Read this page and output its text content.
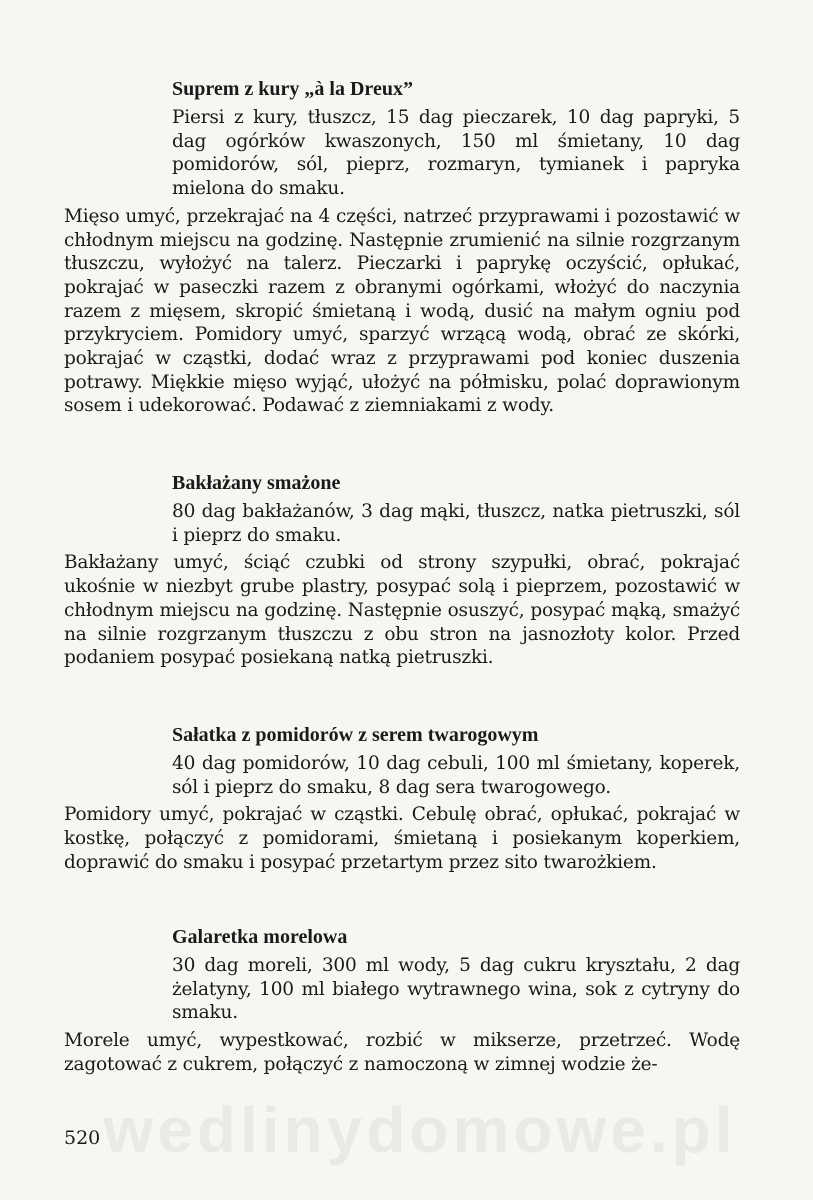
Suprem z kury „à la Dreux”

Piersi z kury, tłuszcz, 15 dag pieczarek, 10 dag papryki, 5 dag ogórków kwaszonych, 150 ml śmietany, 10 dag pomidorów, sól, pieprz, rozmaryn, tymianek i papryka mielona do smaku.

Mięso umyć, przekrajać na 4 części, natrzeć przyprawami i pozostawić w chłodnym miejscu na godzinę. Następnie zrumienić na silnie rozgrzanym tłuszczu, wyłożyć na talerz. Pieczarki i paprykę oczyścić, opłukać, pokrajać w paseczki razem z obranymi ogórkami, włożyć do naczynia razem z mięsem, skropić śmietaną i wodą, dusić na małym ogniu pod przykryciem. Pomidory umyć, sparzyć wrzącą wodą, obrać ze skórki, pokrajać w cząstki, dodać wraz z przyprawami pod koniec duszenia potrawy. Miękkie mięso wyjąć, ułożyć na półmisku, polać doprawionym sosem i udekorować. Podawać z ziemniakami z wody.

Bakłażany smażone

80 dag bakłażanów, 3 dag mąki, tłuszcz, natka pietruszki, sól i pieprz do smaku.

Bakłażany umyć, ściąć czubki od strony szypułki, obrać, pokrajać ukośnie w niezbyt grube plastry, posypać solą i pieprzem, pozostawić w chłodnym miejscu na godzinę. Następnie osuszyć, posypać mąką, smażyć na silnie rozgrzanym tłuszczu z obu stron na jasnozłoty kolor. Przed podaniem posypać posiekaną natką pietruszki.

Sałatka z pomidorów z serem twarogowym

40 dag pomidorów, 10 dag cebuli, 100 ml śmietany, koperek, sól i pieprz do smaku, 8 dag sera twarogowego.

Pomidory umyć, pokrajać w cząstki. Cebulę obrać, opłukać, pokrajać w kostkę, połączyć z pomidorami, śmietaną i posiekanym koperkiem, doprawić do smaku i posypać przetartym przez sito twarożkiem.

Galaretka morelowa

30 dag moreli, 300 ml wody, 5 dag cukru kryształu, 2 dag żelatyny, 100 ml białego wytrawnego wina, sok z cytryny do smaku.

Morele umyć, wypestkować, rozbić w mikserze, przetrzeć. Wodę zagotować z cukrem, połączyć z namoczoną w zimnej wodzie że-

wedlinydomowe.pl
520
